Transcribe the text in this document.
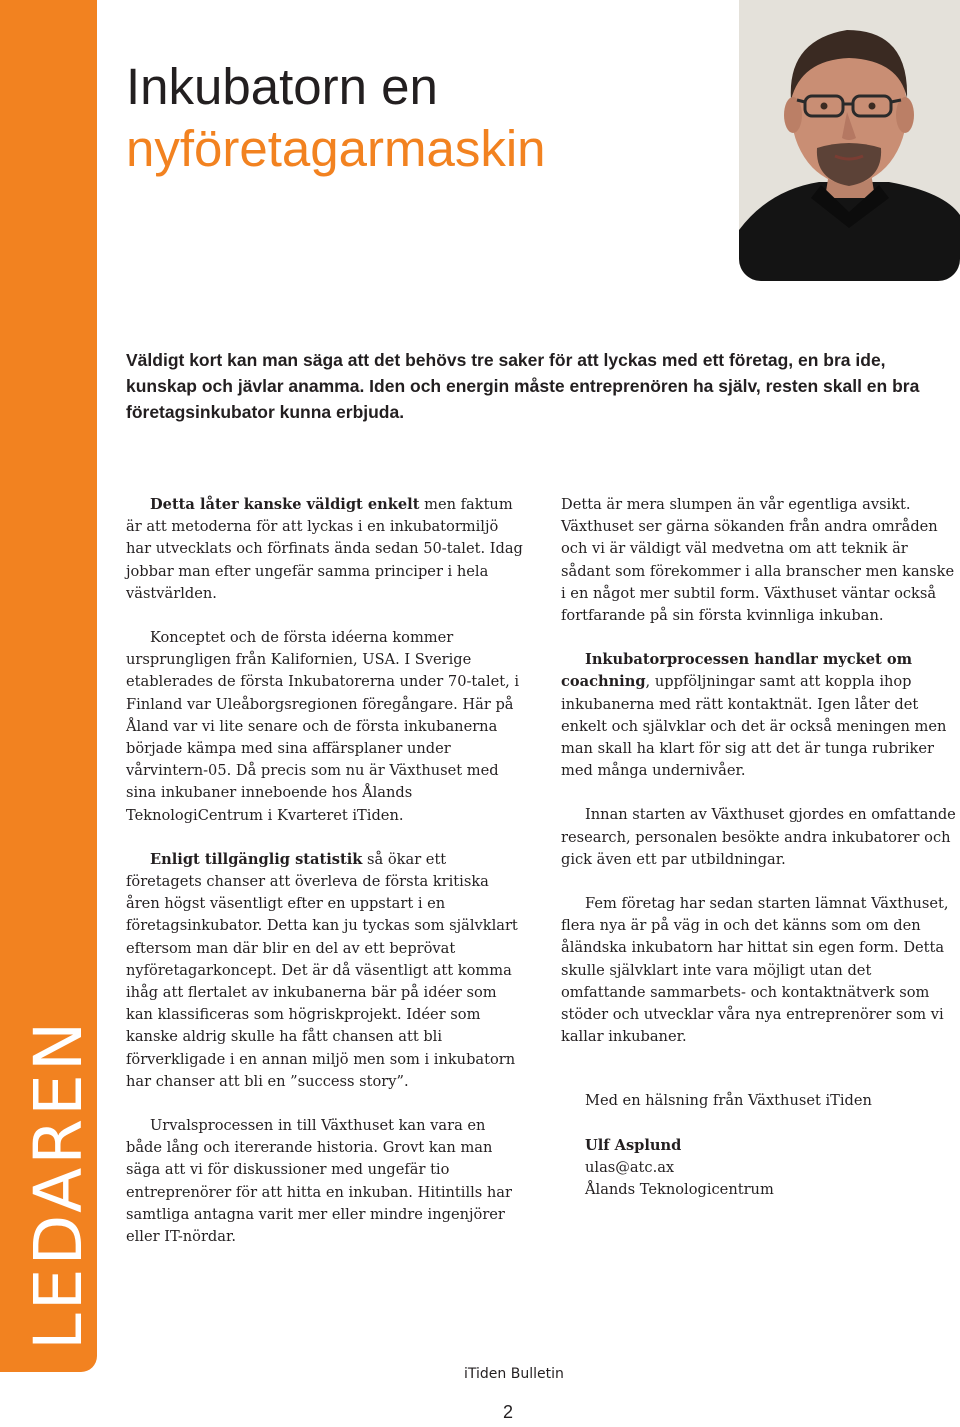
LEDAREN
Inkubatorn en
nyföretagarmaskin

Väldigt kort kan man säga att det behövs tre saker för att lyckas med ett företag, en bra ide, kunskap och jävlar anamma. Iden och energin måste entreprenören ha själv, resten skall en bra företagsinkubator kunna erbjuda.

Detta låter kanske väldigt enkelt men faktum är att metoderna för att lyckas i en inkubatormiljö har utvecklats och förfinats ända sedan 50-talet. Idag jobbar man efter ungefär samma principer i hela västvärlden.

Konceptet och de första idéerna kommer ursprungligen från Kalifornien, USA. I Sverige etablerades de första Inkubatorerna under 70-talet, i Finland var Uleåborgsregionen föregångare. Här på Åland var vi lite senare och de första inkubanerna började kämpa med sina affärsplaner under vårvintern-05. Då precis som nu är Växthuset med sina inkubaner inneboende hos Ålands TeknologiCentrum i Kvarteret iTiden.

Enligt tillgänglig statistik så ökar ett företagets chanser att överleva de första kritiska åren högst väsentligt efter en uppstart i en företagsinkubator. Detta kan ju tyckas som självklart eftersom man där blir en del av ett beprövat nyföretagarkoncept. Det är då väsentligt att komma ihåg att flertalet av inkubanerna bär på idéer som kan klassificeras som högriskprojekt. Idéer som kanske aldrig skulle ha fått chansen att bli förverkligade i en annan miljö men som i inkubatorn har chanser att bli en ”success story”.

Urvalsprocessen in till Växthuset kan vara en både lång och itererande historia. Grovt kan man säga att vi för diskussioner med ungefär tio entreprenörer för att hitta en inkuban. Hitintills har samtliga antagna varit mer eller mindre ingenjörer eller IT-nördar.

Detta är mera slumpen än vår egentliga avsikt. Växthuset ser gärna sökanden från andra områden och vi är väldigt väl medvetna om att teknik är sådant som förekommer i alla branscher men kanske i en något mer subtil form. Växthuset väntar också fortfarande på sin första kvinnliga inkuban.

Inkubatorprocessen handlar mycket om coachning, uppföljningar samt att koppla ihop inkubanerna med rätt kontaktnät. Igen låter det enkelt och självklar och det är också meningen men man skall ha klart för sig att det är tunga rubriker med många undernivåer.

Innan starten av Växthuset gjordes en omfattande research, personalen besökte andra inkubatorer och gick även ett par utbildningar.

Fem företag har sedan starten lämnat Växthuset, flera nya är på väg in och det känns som om den åländska inkubatorn har hittat sin egen form. Detta skulle självklart inte vara möjligt utan det omfattande sammarbets- och kontaktnätverk som stöder och utvecklar våra nya entreprenörer som vi kallar inkubaner.

Med en hälsning från Växthuset iTiden

Ulf Asplund
ulas@atc.ax
Ålands Teknologicentrum
iTiden Bulletin
2
